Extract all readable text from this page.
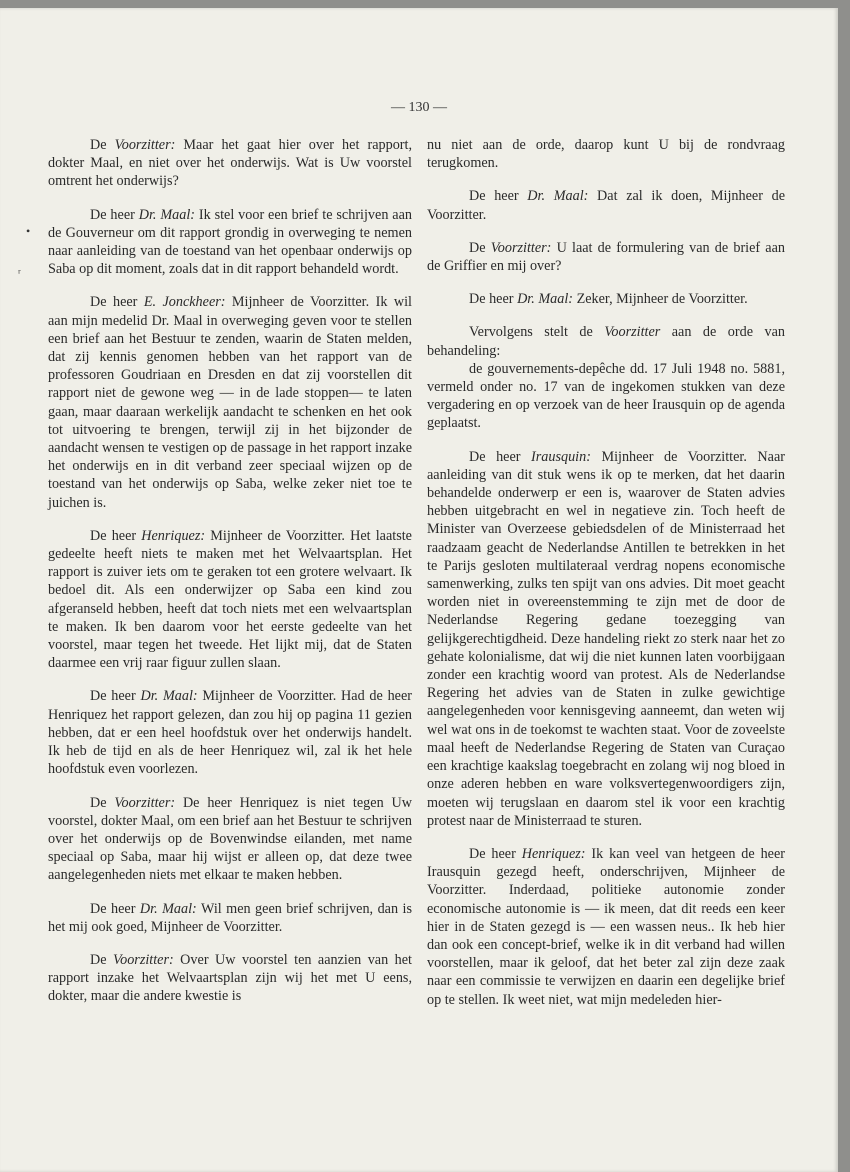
— 130 —
•
ʳ

De Voorzitter: Maar het gaat hier over het rapport, dokter Maal, en niet over het onderwijs. Wat is Uw voorstel omtrent het onderwijs?

De heer Dr. Maal: Ik stel voor een brief te schrijven aan de Gouverneur om dit rapport grondig in overweging te nemen naar aanleiding van de toestand van het openbaar onderwijs op Saba op dit moment, zoals dat in dit rapport behandeld wordt.

De heer E. Jonckheer: Mijnheer de Voorzitter. Ik wil aan mijn medelid Dr. Maal in overweging geven voor te stellen een brief aan het Bestuur te zenden, waarin de Staten melden, dat zij kennis genomen hebben van het rapport van de professoren Goudriaan en Dresden en dat zij voorstellen dit rapport niet de gewone weg — in de lade stoppen— te laten gaan, maar daaraan werkelijk aandacht te schenken en het ook tot uitvoering te brengen, terwijl zij in het bijzonder de aandacht wensen te vestigen op de passage in het rapport inzake het onderwijs en in dit verband zeer speciaal wijzen op de toestand van het onderwijs op Saba, welke zeker niet toe te juichen is.

De heer Henriquez: Mijnheer de Voorzitter. Het laatste gedeelte heeft niets te maken met het Welvaartsplan. Het rapport is zuiver iets om te geraken tot een grotere welvaart. Ik bedoel dit. Als een onderwijzer op Saba een kind zou afgeranseld hebben, heeft dat toch niets met een welvaartsplan te maken. Ik ben daarom voor het eerste gedeelte van het voorstel, maar tegen het tweede. Het lijkt mij, dat de Staten daarmee een vrij raar figuur zullen slaan.

De heer Dr. Maal: Mijnheer de Voorzitter. Had de heer Henriquez het rapport gelezen, dan zou hij op pagina 11 gezien hebben, dat er een heel hoofdstuk over het onderwijs handelt. Ik heb de tijd en als de heer Henriquez wil, zal ik het hele hoofdstuk even voorlezen.

De Voorzitter: De heer Henriquez is niet tegen Uw voorstel, dokter Maal, om een brief aan het Bestuur te schrijven over het onderwijs op de Bovenwindse eilanden, met name speciaal op Saba, maar hij wijst er alleen op, dat deze twee aangelegenheden niets met elkaar te maken hebben.

De heer Dr. Maal: Wil men geen brief schrijven, dan is het mij ook goed, Mijnheer de Voorzitter.

De Voorzitter: Over Uw voorstel ten aanzien van het rapport inzake het Welvaartsplan zijn wij het met U eens, dokter, maar die andere kwestie is

nu niet aan de orde, daarop kunt U bij de rondvraag terugkomen.

De heer Dr. Maal: Dat zal ik doen, Mijnheer de Voorzitter.

De Voorzitter: U laat de formulering van de brief aan de Griffier en mij over?

De heer Dr. Maal: Zeker, Mijnheer de Voorzitter.

Vervolgens stelt de Voorzitter aan de orde van behandeling:

de gouvernements-depêche dd. 17 Juli 1948 no. 5881, vermeld onder no. 17 van de ingekomen stukken van deze vergadering en op verzoek van de heer Irausquin op de agenda geplaatst.

De heer Irausquin: Mijnheer de Voorzitter. Naar aanleiding van dit stuk wens ik op te merken, dat het daarin behandelde onderwerp er een is, waarover de Staten advies hebben uitgebracht en wel in negatieve zin. Toch heeft de Minister van Overzeese gebiedsdelen of de Ministerraad het raadzaam geacht de Nederlandse Antillen te betrekken in het te Parijs gesloten multilateraal verdrag nopens economische samenwerking, zulks ten spijt van ons advies. Dit moet geacht worden niet in overeenstemming te zijn met de door de Nederlandse Regering gedane toezegging van gelijkgerechtigdheid. Deze handeling riekt zo sterk naar het zo gehate kolonialisme, dat wij die niet kunnen laten voorbijgaan zonder een krachtig woord van protest. Als de Nederlandse Regering het advies van de Staten in zulke gewichtige aangelegenheden voor kennisgeving aanneemt, dan weten wij wel wat ons in de toekomst te wachten staat. Voor de zoveelste maal heeft de Nederlandse Regering de Staten van Curaçao een krachtige kaakslag toegebracht en zolang wij nog bloed in onze aderen hebben en ware volksvertegenwoordigers zijn, moeten wij terugslaan en daarom stel ik voor een krachtig protest naar de Ministerraad te sturen.

De heer Henriquez: Ik kan veel van hetgeen de heer Irausquin gezegd heeft, onderschrijven, Mijnheer de Voorzitter. Inderdaad, politieke autonomie zonder economische autonomie is — ik meen, dat dit reeds een keer hier in de Staten gezegd is — een wassen neus.. Ik heb hier dan ook een concept-brief, welke ik in dit verband had willen voorstellen, maar ik geloof, dat het beter zal zijn deze zaak naar een commissie te verwijzen en daarin een degelijke brief op te stellen. Ik weet niet, wat mijn medeleden hier-
